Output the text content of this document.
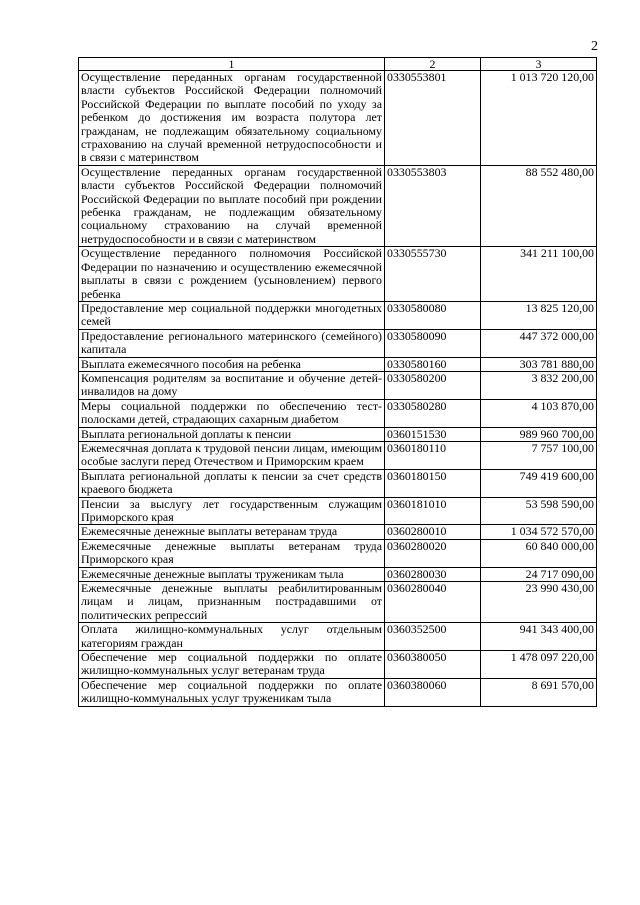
2
1	2	3
Осуществление переданных органам государственной власти субъектов Российской Федерации полномочий Российской Федерации по выплате пособий по уходу за ребенком до достижения им возраста полутора лет гражданам, не подлежащим обязательному социальному страхованию на случай временной нетрудоспособности и в связи с материнством	0330553801	1 013 720 120,00
Осуществление переданных органам государственной власти субъектов Российской Федерации полномочий Российской Федерации по выплате пособий при рождении ребенка гражданам, не подлежащим обязательному социальному страхованию на случай временной нетрудоспособности и в связи с материнством	0330553803	88 552 480,00
Осуществление переданного полномочия Российской Федерации по назначению и осуществлению ежемесячной выплаты в связи с рождением (усыновлением) первого ребенка	0330555730	341 211 100,00
Предоставление мер социальной поддержки многодетных семей	0330580080	13 825 120,00
Предоставление регионального материнского (семейного) капитала	0330580090	447 372 000,00
Выплата ежемесячного пособия на ребенка	0330580160	303 781 880,00
Компенсация родителям за воспитание и обучение детей-инвалидов на дому	0330580200	3 832 200,00
Меры социальной поддержки по обеспечению тест-полосками детей, страдающих сахарным диабетом	0330580280	4 103 870,00
Выплата региональной доплаты к пенсии	0360151530	989 960 700,00
Ежемесячная доплата к трудовой пенсии лицам, имеющим особые заслуги перед Отечеством и Приморским краем	0360180110	7 757 100,00
Выплата региональной доплаты к пенсии за счет средств краевого бюджета	0360180150	749 419 600,00
Пенсии за выслугу лет государственным служащим Приморского края	0360181010	53 598 590,00
Ежемесячные денежные выплаты ветеранам труда	0360280010	1 034 572 570,00
Ежемесячные денежные выплаты ветеранам труда Приморского края	0360280020	60 840 000,00
Ежемесячные денежные выплаты труженикам тыла	0360280030	24 717 090,00
Ежемесячные денежные выплаты реабилитированным лицам и лицам, признанным пострадавшими от политических репрессий	0360280040	23 990 430,00
Оплата жилищно-коммунальных услуг отдельным категориям граждан	0360352500	941 343 400,00
Обеспечение мер социальной поддержки по оплате жилищно-коммунальных услуг ветеранам труда	0360380050	1 478 097 220,00
Обеспечение мер социальной поддержки по оплате жилищно-коммунальных услуг труженикам тыла	0360380060	8 691 570,00
